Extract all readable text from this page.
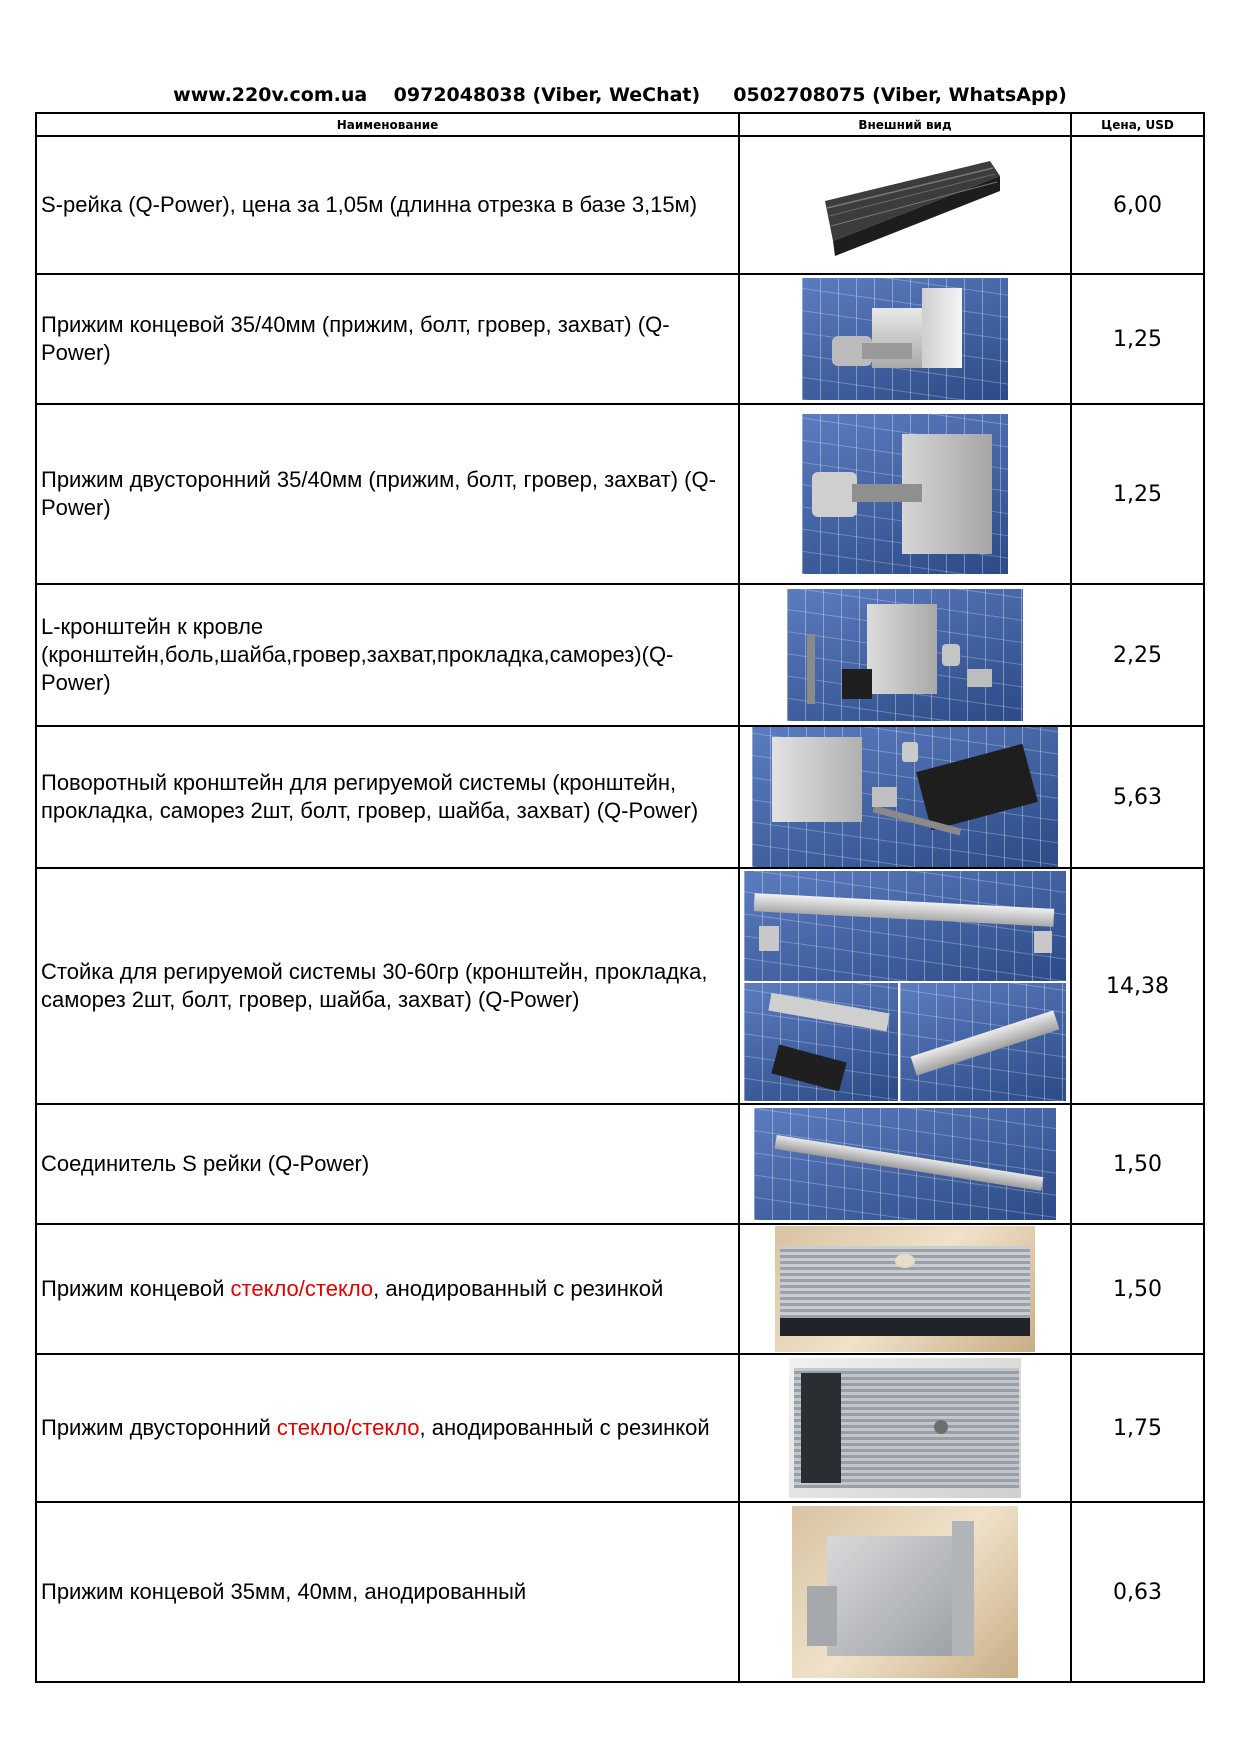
www.220v.com.ua 0972048038 (Viber, WeChat) 0502708075 (Viber, WhatsApp)
Наименование	Внешний вид	Цена, USD
S-рейка (Q-Power), цена за 1,05м (длинна отрезка в базе 3,15м)		6,00
Прижим концевой 35/40мм (прижим, болт, гровер, захват) (Q-Power)		1,25
Прижим двусторонний 35/40мм (прижим, болт, гровер, захват) (Q-Power)		1,25
L-кронштейн к кровле (кронштейн,боль,шайба,гровер,захват,прокладка,саморез)(Q-Power)		2,25
Поворотный кронштейн для регируемой системы (кронштейн, прокладка, саморез 2шт, болт, гровер, шайба, захват) (Q-Power)		5,63
Стойка для регируемой системы 30-60гр (кронштейн, прокладка, саморез 2шт, болт, гровер, шайба, захват) (Q-Power)		14,38
Соединитель S рейки (Q-Power)		1,50
Прижим концевой стекло/стекло, анодированный с резинкой		1,50
Прижим двусторонний стекло/стекло, анодированный с резинкой		1,75
Прижим концевой 35мм, 40мм, анодированный		0,63
